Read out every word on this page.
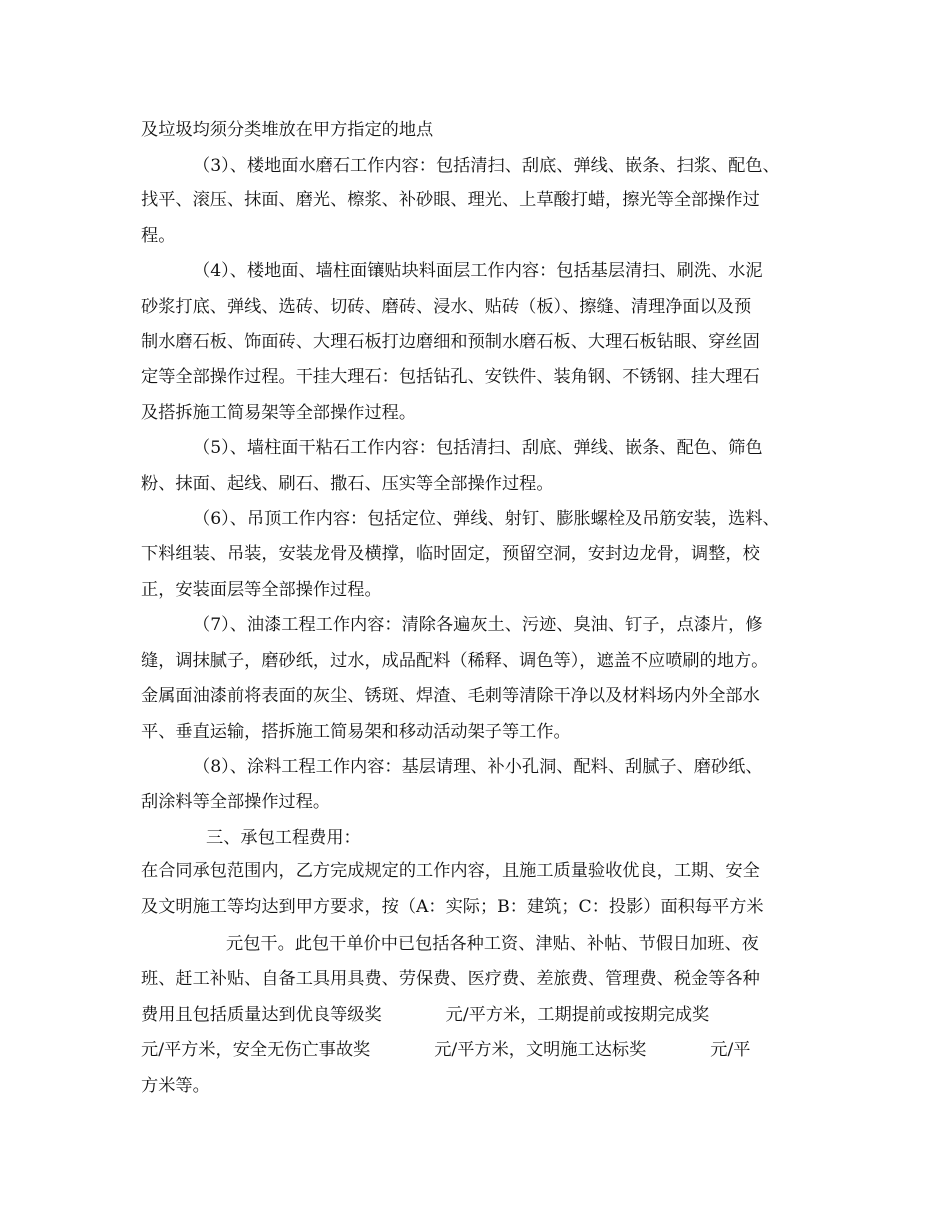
及垃圾均须分类堆放在甲方指定的地点
（3）、楼地面水磨石工作内容：包括清扫、刮底、弹线、嵌条、扫浆、配色、
找平、滚压、抹面、磨光、檫浆、补砂眼、理光、上草酸打蜡，擦光等全部操作过
程。
（4）、楼地面、墙柱面镶贴块料面层工作内容：包括基层清扫、刷洗、水泥
砂浆打底、弹线、选砖、切砖、磨砖、浸水、贴砖（板）、擦缝、清理净面以及预
制水磨石板、饰面砖、大理石板打边磨细和预制水磨石板、大理石板钻眼、穿丝固
定等全部操作过程。干挂大理石：包括钻孔、安铁件、装角钢、不锈钢、挂大理石
及搭拆施工简易架等全部操作过程。
（5）、墙柱面干粘石工作内容：包括清扫、刮底、弹线、嵌条、配色、筛色
粉、抹面、起线、刷石、撒石、压实等全部操作过程。
（6）、吊顶工作内容：包括定位、弹线、射钉、膨胀螺栓及吊筋安装，选料、
下料组装、吊装，安装龙骨及横撑，临时固定，预留空洞，安封边龙骨，调整，校
正，安装面层等全部操作过程。
（7）、油漆工程工作内容：清除各遍灰土、污迹、臭油、钉子，点漆片，修
缝，调抹腻子，磨砂纸，过水，成品配料（稀释、调色等），遮盖不应喷刷的地方。
金属面油漆前将表面的灰尘、锈斑、焊渣、毛刺等清除干净以及材料场内外全部水
平、垂直运输，搭拆施工简易架和移动活动架子等工作。
（8）、涂料工程工作内容：基层请理、补小孔洞、配料、刮腻子、磨砂纸、
刮涂料等全部操作过程。
三、承包工程费用：
在合同承包范围内，乙方完成规定的工作内容，且施工质量验收优良，工期、安全
及文明施工等均达到甲方要求，按（A：实际；B：建筑；C：投影）面积每平方米
元包干。此包干单价中已包括各种工资、津贴、补帖、节假日加班、夜
班、赶工补贴、自备工具用具费、劳保费、医疗费、差旅费、管理费、税金等各种
费用且包括质量达到优良等级奖	元/平方米，工期提前或按期完成奖
元/平方米，安全无伤亡事故奖	元/平方米，文明施工达标奖	元/平
方米等。
